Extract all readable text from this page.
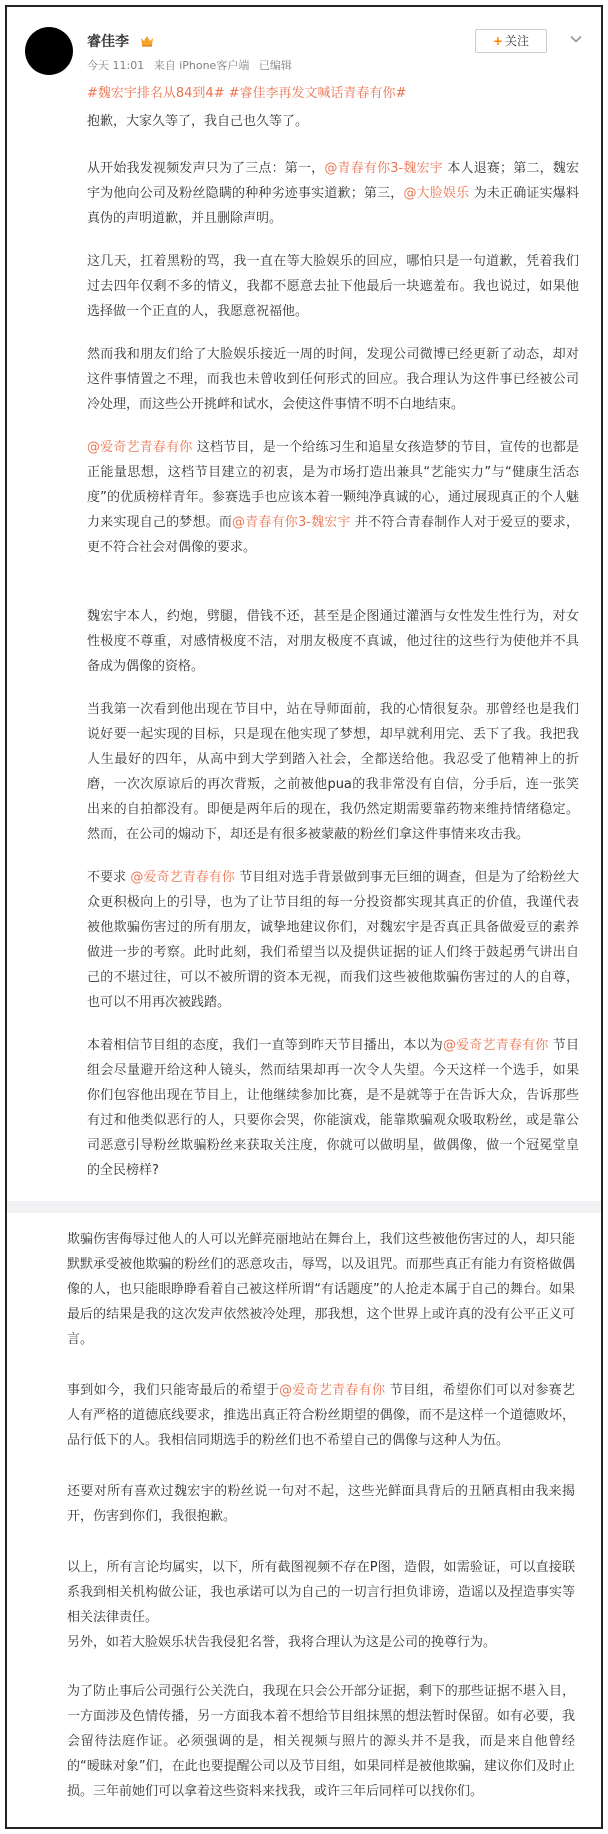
睿佳李
今天 11:01 来自 iPhone客户端 已编辑
+ 关注
#魏宏宇排名从84到4# #睿佳李再发文喊话青春有你#

抱歉，大家久等了，我自己也久等了。

从开始我发视频发声只为了三点：第一，@青春有你3-魏宏宇 本人退赛；第二，魏宏宇为他向公司及粉丝隐瞒的种种劣迹事实道歉；第三，@大脸娱乐 为未正确证实爆料真伪的声明道歉，并且删除声明。

这几天，扛着黑粉的骂，我一直在等大脸娱乐的回应，哪怕只是一句道歉，凭着我们过去四年仅剩不多的情义，我都不愿意去扯下他最后一块遮羞布。我也说过，如果他选择做一个正直的人，我愿意祝福他。

然而我和朋友们给了大脸娱乐接近一周的时间，发现公司微博已经更新了动态，却对这件事情置之不理，而我也未曾收到任何形式的回应。我合理认为这件事已经被公司冷处理，而这些公开挑衅和试水，会使这件事情不明不白地结束。

@爱奇艺青春有你 这档节目，是一个给练习生和追星女孩造梦的节目，宣传的也都是正能量思想，这档节目建立的初衷，是为市场打造出兼具“艺能实力”与“健康生活态度”的优质榜样青年。参赛选手也应该本着一颗纯净真诚的心，通过展现真正的个人魅力来实现自己的梦想。而@青春有你3-魏宏宇 并不符合青春制作人对于爱豆的要求，更不符合社会对偶像的要求。

魏宏宇本人，约炮，劈腿，借钱不还，甚至是企图通过灌酒与女性发生性行为，对女性极度不尊重，对感情极度不洁，对朋友极度不真诚，他过往的这些行为使他并不具备成为偶像的资格。

当我第一次看到他出现在节目中，站在导师面前，我的心情很复杂。那曾经也是我们说好要一起实现的目标，只是现在他实现了梦想，却早就利用完、丢下了我。我把我人生最好的四年，从高中到大学到踏入社会，全都送给他。我忍受了他精神上的折磨，一次次原谅后的再次背叛，之前被他pua的我非常没有自信，分手后，连一张笑出来的自拍都没有。即便是两年后的现在，我仍然定期需要靠药物来维持情绪稳定。然而，在公司的煽动下，却还是有很多被蒙蔽的粉丝们拿这件事情来攻击我。

不要求 @爱奇艺青春有你 节目组对选手背景做到事无巨细的调查，但是为了给粉丝大众更积极向上的引导，也为了让节目组的每一分投资都实现其真正的价值，我谨代表被他欺骗伤害过的所有朋友，诚挚地建议你们，对魏宏宇是否真正具备做爱豆的素养做进一步的考察。此时此刻，我们希望当以及提供证据的证人们终于鼓起勇气讲出自己的不堪过往，可以不被所谓的资本无视，而我们这些被他欺骗伤害过的人的自尊，也可以不用再次被践踏。

本着相信节目组的态度，我们一直等到昨天节目播出，本以为@爱奇艺青春有你 节目组会尽量避开给这种人镜头，然而结果却再一次令人失望。今天这样一个选手，如果你们包容他出现在节目上，让他继续参加比赛，是不是就等于在告诉大众，告诉那些有过和他类似恶行的人，只要你会哭，你能演戏，能靠欺骗观众吸取粉丝，或是靠公司恶意引导粉丝欺骗粉丝来获取关注度，你就可以做明星，做偶像，做一个冠冕堂皇的全民榜样?

欺骗伤害侮辱过他人的人可以光鲜亮丽地站在舞台上，我们这些被他伤害过的人，却只能默默承受被他欺骗的粉丝们的恶意攻击，辱骂，以及诅咒。而那些真正有能力有资格做偶像的人，也只能眼睁睁看着自己被这样所谓“有话题度”的人抢走本属于自己的舞台。如果最后的结果是我的这次发声依然被冷处理，那我想，这个世界上或许真的没有公平正义可言。

事到如今，我们只能寄最后的希望于@爱奇艺青春有你 节目组，希望你们可以对参赛艺人有严格的道德底线要求，推选出真正符合粉丝期望的偶像，而不是这样一个道德败坏，品行低下的人。我相信同期选手的粉丝们也不希望自己的偶像与这种人为伍。

还要对所有喜欢过魏宏宇的粉丝说一句对不起，这些光鲜面具背后的丑陋真相由我来揭开，伤害到你们，我很抱歉。

以上，所有言论均属实，以下，所有截图视频不存在P图，造假，如需验证，可以直接联系我到相关机构做公证，我也承诺可以为自己的一切言行担负诽谤，造谣以及捏造事实等相关法律责任。

另外，如若大脸娱乐状告我侵犯名誉，我将合理认为这是公司的挽尊行为。

为了防止事后公司强行公关洗白，我现在只会公开部分证据，剩下的那些证据不堪入目，一方面涉及色情传播，另一方面我本着不想给节目组抹黑的想法暂时保留。如有必要，我会留待法庭作证。必须强调的是，相关视频与照片的源头并不是我，而是来自他曾经的“暧昧对象”们，在此也要提醒公司以及节目组，如果同样是被他欺骗，建议你们及时止损。三年前她们可以拿着这些资料来找我，或许三年后同样可以找你们。
